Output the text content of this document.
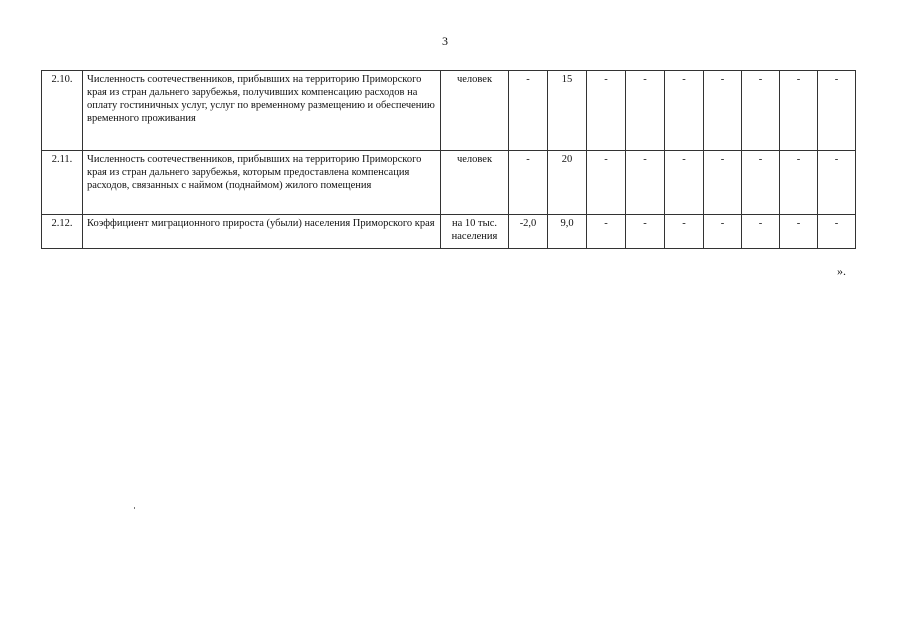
3
2.10.	Численность соотечественников, прибывших на территорию Приморского края из стран дальнего зарубежья, получивших компенсацию расходов на оплату гостиничных услуг, услуг по временному размещению и обеспечению временного проживания	человек	-	15	-	-	-	-	-	-	-
2.11.	Численность соотечественников, прибывших на территорию Приморского края из стран дальнего зарубежья, которым предоставлена компенсация расходов, связанных с наймом (поднаймом) жилого помещения	человек	-	20	-	-	-	-	-	-	-
2.12.	Коэффициент миграционного прироста (убыли) населения Приморского края	на 10 тыс. населения	-2,0	9,0	-	-	-	-	-	-	-
».
